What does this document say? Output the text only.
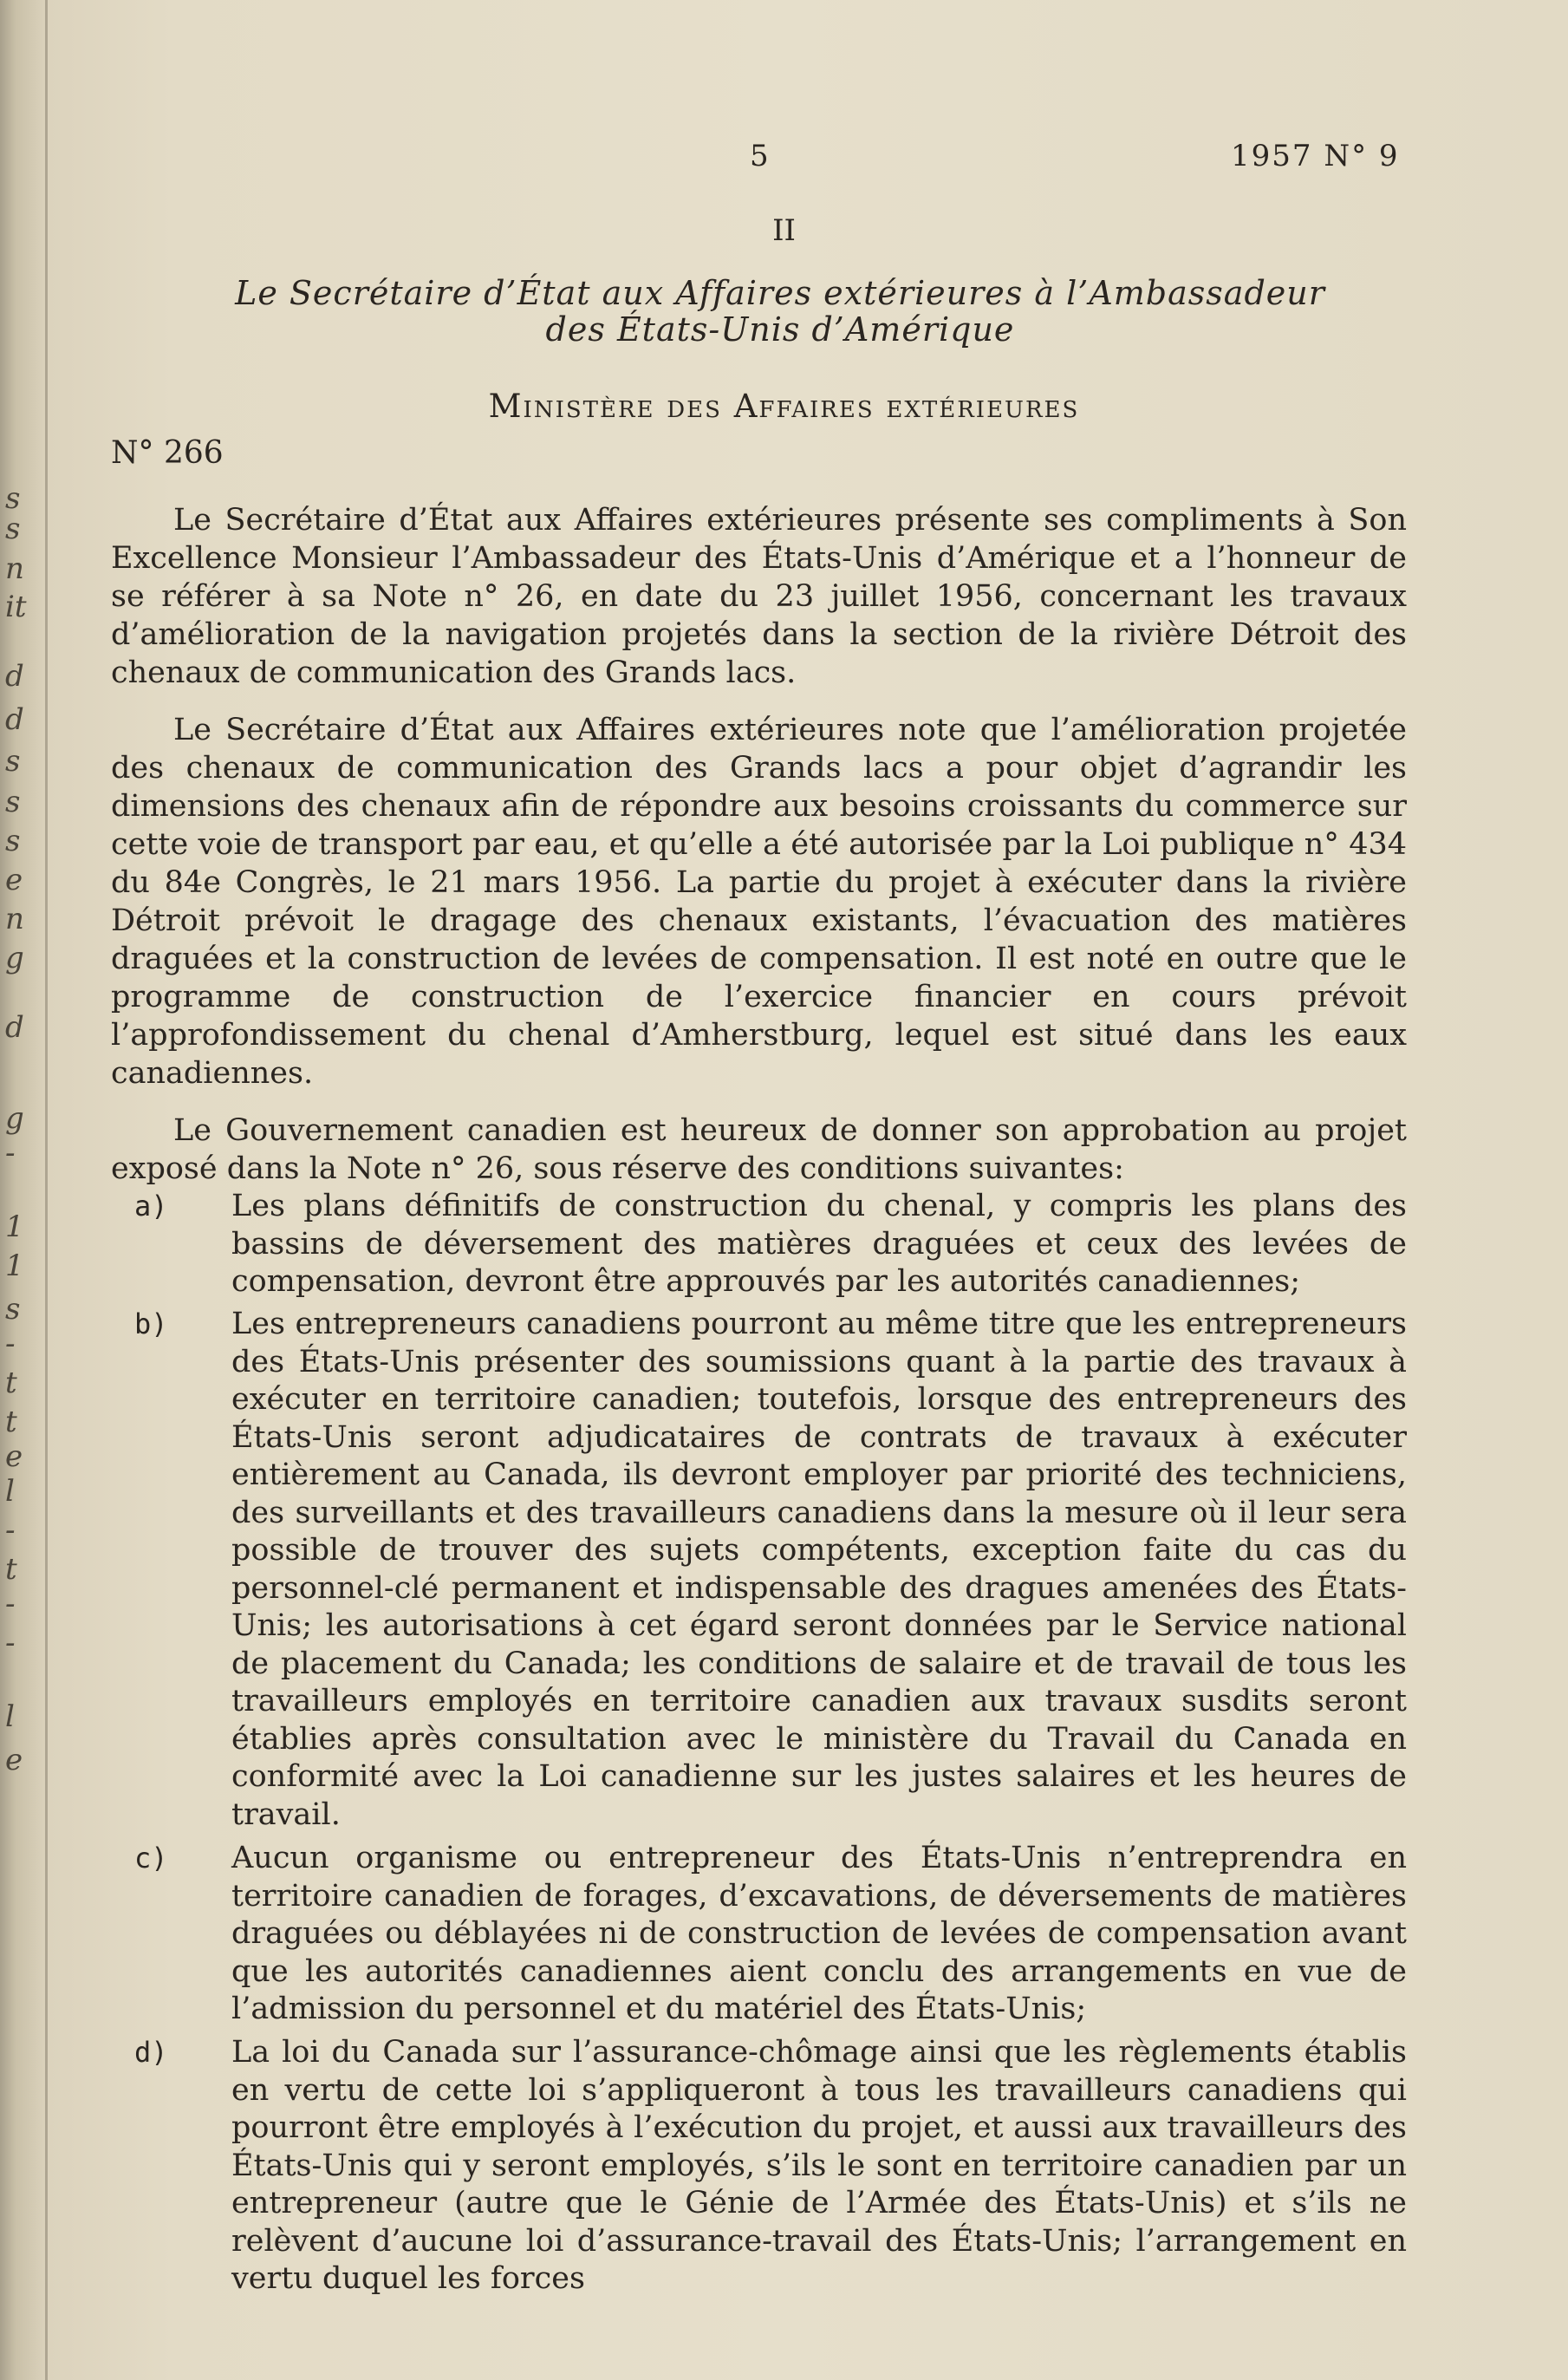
s
s
n
it
d
d
s
s
s
e
n
g
d
g
-
1
1
s
-
t
t
e
l
-
t
-
-
l
e
5	1957 N° 9
II
Le Secrétaire d’État aux Affaires extérieures à l’Ambassadeur
des États-Unis d’Amérique
Ministère des Affaires extérieures
N° 266

Le Secrétaire d’État aux Affaires extérieures présente ses compliments à Son Excellence Monsieur l’Ambassadeur des États-Unis d’Amérique et a l’honneur de se référer à sa Note n° 26, en date du 23 juillet 1956, concernant les travaux d’amélioration de la navigation projetés dans la section de la rivière Détroit des chenaux de communication des Grands lacs.

Le Secrétaire d’État aux Affaires extérieures note que l’amélioration projetée des chenaux de communication des Grands lacs a pour objet d’agrandir les dimensions des chenaux afin de répondre aux besoins croissants du commerce sur cette voie de transport par eau, et qu’elle a été autorisée par la Loi publique n° 434 du 84e Congrès, le 21 mars 1956. La partie du projet à exécuter dans la rivière Détroit prévoit le dragage des chenaux existants, l’évacuation des matières draguées et la construction de levées de compensation. Il est noté en outre que le programme de construction de l’exercice financier en cours prévoit l’approfondissement du chenal d’Amherstburg, lequel est situé dans les eaux canadiennes.

Le Gouvernement canadien est heureux de donner son approbation au projet exposé dans la Note n° 26, sous réserve des conditions suivantes:

a)	Les plans définitifs de construction du chenal, y compris les plans des bassins de déversement des matières draguées et ceux des levées de compensation, devront être approuvés par les autorités canadiennes;
b)	Les entrepreneurs canadiens pourront au même titre que les entrepreneurs des États-Unis présenter des soumissions quant à la partie des travaux à exécuter en territoire canadien; toutefois, lorsque des entrepreneurs des États-Unis seront adjudicataires de contrats de travaux à exécuter entièrement au Canada, ils devront employer par priorité des techniciens, des surveillants et des travailleurs canadiens dans la mesure où il leur sera possible de trouver des sujets compétents, exception faite du cas du personnel-clé permanent et indispensable des dragues amenées des États-Unis; les autorisations à cet égard seront données par le Service national de placement du Canada; les conditions de salaire et de travail de tous les travailleurs employés en territoire canadien aux travaux susdits seront établies après consultation avec le ministère du Travail du Canada en conformité avec la Loi canadienne sur les justes salaires et les heures de travail.
c)	Aucun organisme ou entrepreneur des États-Unis n’entreprendra en territoire canadien de forages, d’excavations, de déversements de matières draguées ou déblayées ni de construction de levées de compensation avant que les autorités canadiennes aient conclu des arrangements en vue de l’admission du personnel et du matériel des États-Unis;
d)	La loi du Canada sur l’assurance-chômage ainsi que les règlements établis en vertu de cette loi s’appliqueront à tous les travailleurs canadiens qui pourront être employés à l’exécution du projet, et aussi aux travailleurs des États-Unis qui y seront employés, s’ils le sont en territoire canadien par un entrepreneur (autre que le Génie de l’Armée des États-Unis) et s’ils ne relèvent d’aucune loi d’assurance-travail des États-Unis; l’arrangement en vertu duquel les forces
